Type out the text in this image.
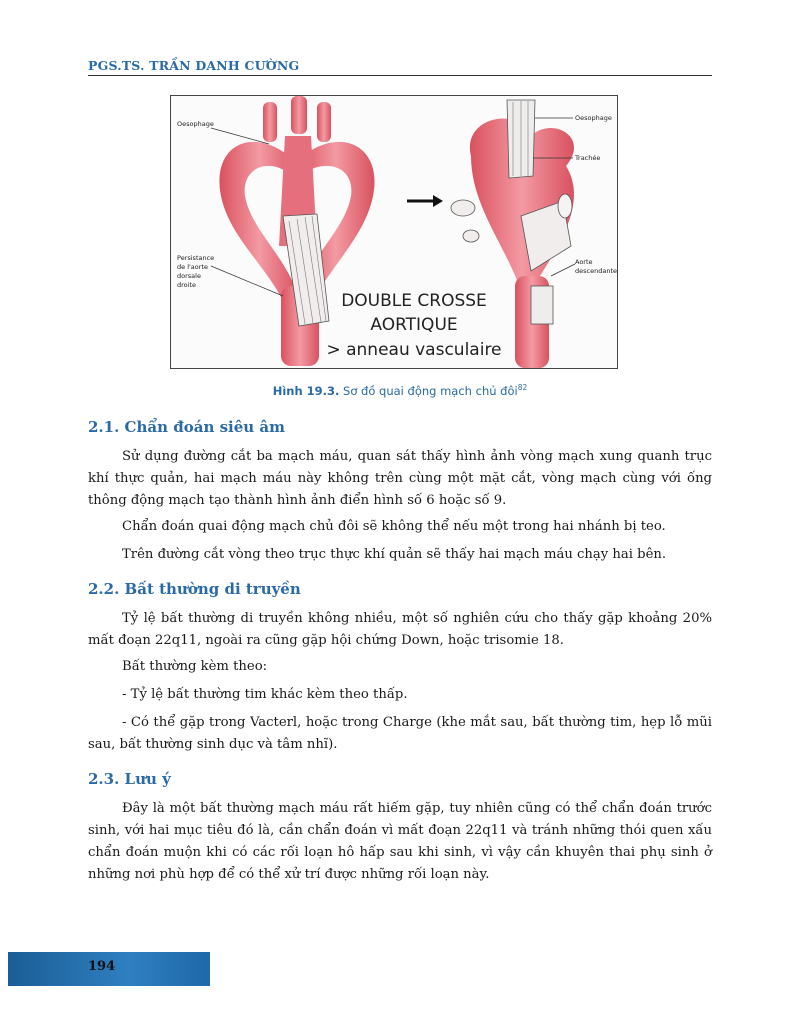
PGS.TS. TRẦN DANH CƯỜNG
Oesophage
Persistance
de l'aorte
dorsale
droite
Oesophage
Trachée
Aorte
descendante
DOUBLE CROSSE
AORTIQUE
> anneau vasculaire
Hình 19.3. Sơ đồ quai động mạch chủ đôi$^{82}$
2.1. Chẩn đoán siêu âm

Sử dụng đường cắt ba mạch máu, quan sát thấy hình ảnh vòng mạch xung quanh trục khí thực quản, hai mạch máu này không trên cùng một mặt cắt, vòng mạch cùng với ống thông động mạch tạo thành hình ảnh điển hình số 6 hoặc số 9.

Chẩn đoán quai động mạch chủ đôi sẽ không thể nếu một trong hai nhánh bị teo.

Trên đường cắt vòng theo trục thực khí quản sẽ thấy hai mạch máu chạy hai bên.

2.2. Bất thường di truyền

Tỷ lệ bất thường di truyền không nhiều, một số nghiên cứu cho thấy gặp khoảng 20% mất đoạn 22q11, ngoài ra cũng gặp hội chứng Down, hoặc trisomie 18.

Bất thường kèm theo:

- Tỷ lệ bất thường tim khác kèm theo thấp.

- Có thể gặp trong Vacterl, hoặc trong Charge (khe mắt sau, bất thường tim, hẹp lỗ mũi sau, bất thường sinh dục và tâm nhĩ).

2.3. Lưu ý

Đây là một bất thường mạch máu rất hiếm gặp, tuy nhiên cũng có thể chẩn đoán trước sinh, với hai mục tiêu đó là, cần chẩn đoán vì mất đoạn 22q11 và tránh những thói quen xấu chẩn đoán muộn khi có các rối loạn hô hấp sau khi sinh, vì vậy cần khuyên thai phụ sinh ở những nơi phù hợp để có thể xử trí được những rối loạn này.

194
